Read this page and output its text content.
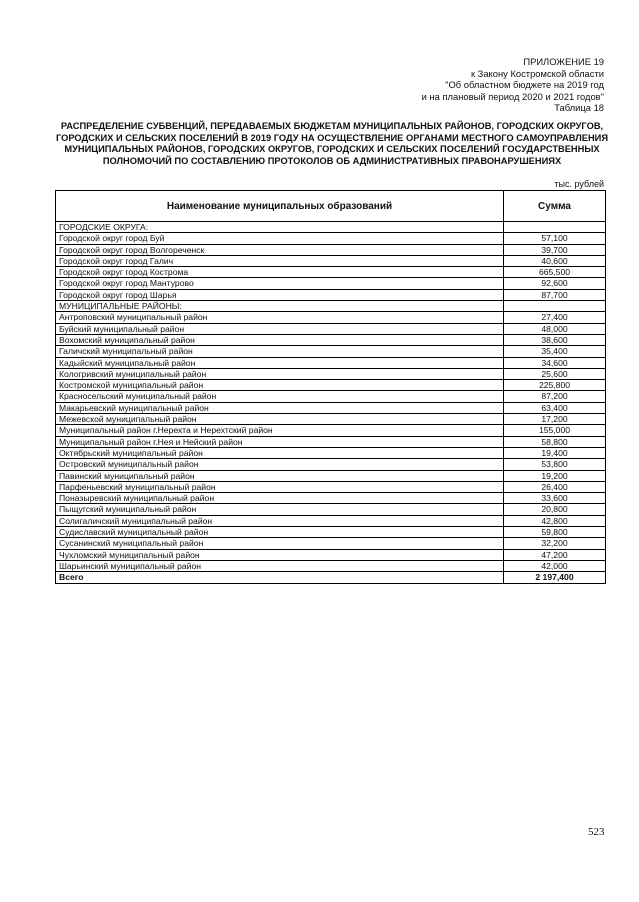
ПРИЛОЖЕНИЕ 19
к Закону Костромской области
"Об областном бюджете на 2019 год
и на плановый период 2020 и 2021 годов"
Таблица 18
РАСПРЕДЕЛЕНИЕ СУБВЕНЦИЙ, ПЕРЕДАВАЕМЫХ БЮДЖЕТАМ МУНИЦИПАЛЬНЫХ РАЙОНОВ, ГОРОДСКИХ ОКРУГОВ, ГОРОДСКИХ И СЕЛЬСКИХ ПОСЕЛЕНИЙ В 2019 ГОДУ НА ОСУЩЕСТВЛЕНИЕ ОРГАНАМИ МЕСТНОГО САМОУПРАВЛЕНИЯ МУНИЦИПАЛЬНЫХ РАЙОНОВ, ГОРОДСКИХ ОКРУГОВ, ГОРОДСКИХ И СЕЛЬСКИХ ПОСЕЛЕНИЙ ГОСУДАРСТВЕННЫХ ПОЛНОМОЧИЙ ПО СОСТАВЛЕНИЮ ПРОТОКОЛОВ ОБ АДМИНИСТРАТИВНЫХ ПРАВОНАРУШЕНИЯХ
тыс. рублей
Наименование муниципальных образований	Сумма
ГОРОДСКИЕ ОКРУГА:	
Городской округ город Буй	57,100
Городской округ город Волгореченск	39,700
Городской округ город Галич	40,600
Городской округ город Кострома	665,500
Городской округ город Мантурово	92,600
Городской округ город Шарья	87,700
МУНИЦИПАЛЬНЫЕ РАЙОНЫ:	
Антроповский муниципальный район	27,400
Буйский муниципальный район	48,000
Вохомский муниципальный район	38,600
Галичский муниципальный район	35,400
Кадыйский муниципальный район	34,600
Кологривский муниципальный район	25,600
Костромской муниципальный район	225,800
Красносельский муниципальный район	87,200
Макарьевский муниципальный район	63,400
Межевской муниципальный район	17,200
Муниципальный район г.Нерехта и Нерехтский район	155,000
Муниципальный район г.Нея и Нейский район	58,800
Октябрьский муниципальный район	19,400
Островский муниципальный район	53,800
Павинский муниципальный район	19,200
Парфеньевский муниципальный район	26,400
Поназыревский муниципальный район	33,600
Пыщугский муниципальный район	20,800
Солигаличский муниципальный район	42,800
Судиславский муниципальный район	59,800
Сусанинский муниципальный район	32,200
Чухломский муниципальный район	47,200
Шарьинский муниципальный район	42,000
Всего	2 197,400
523
